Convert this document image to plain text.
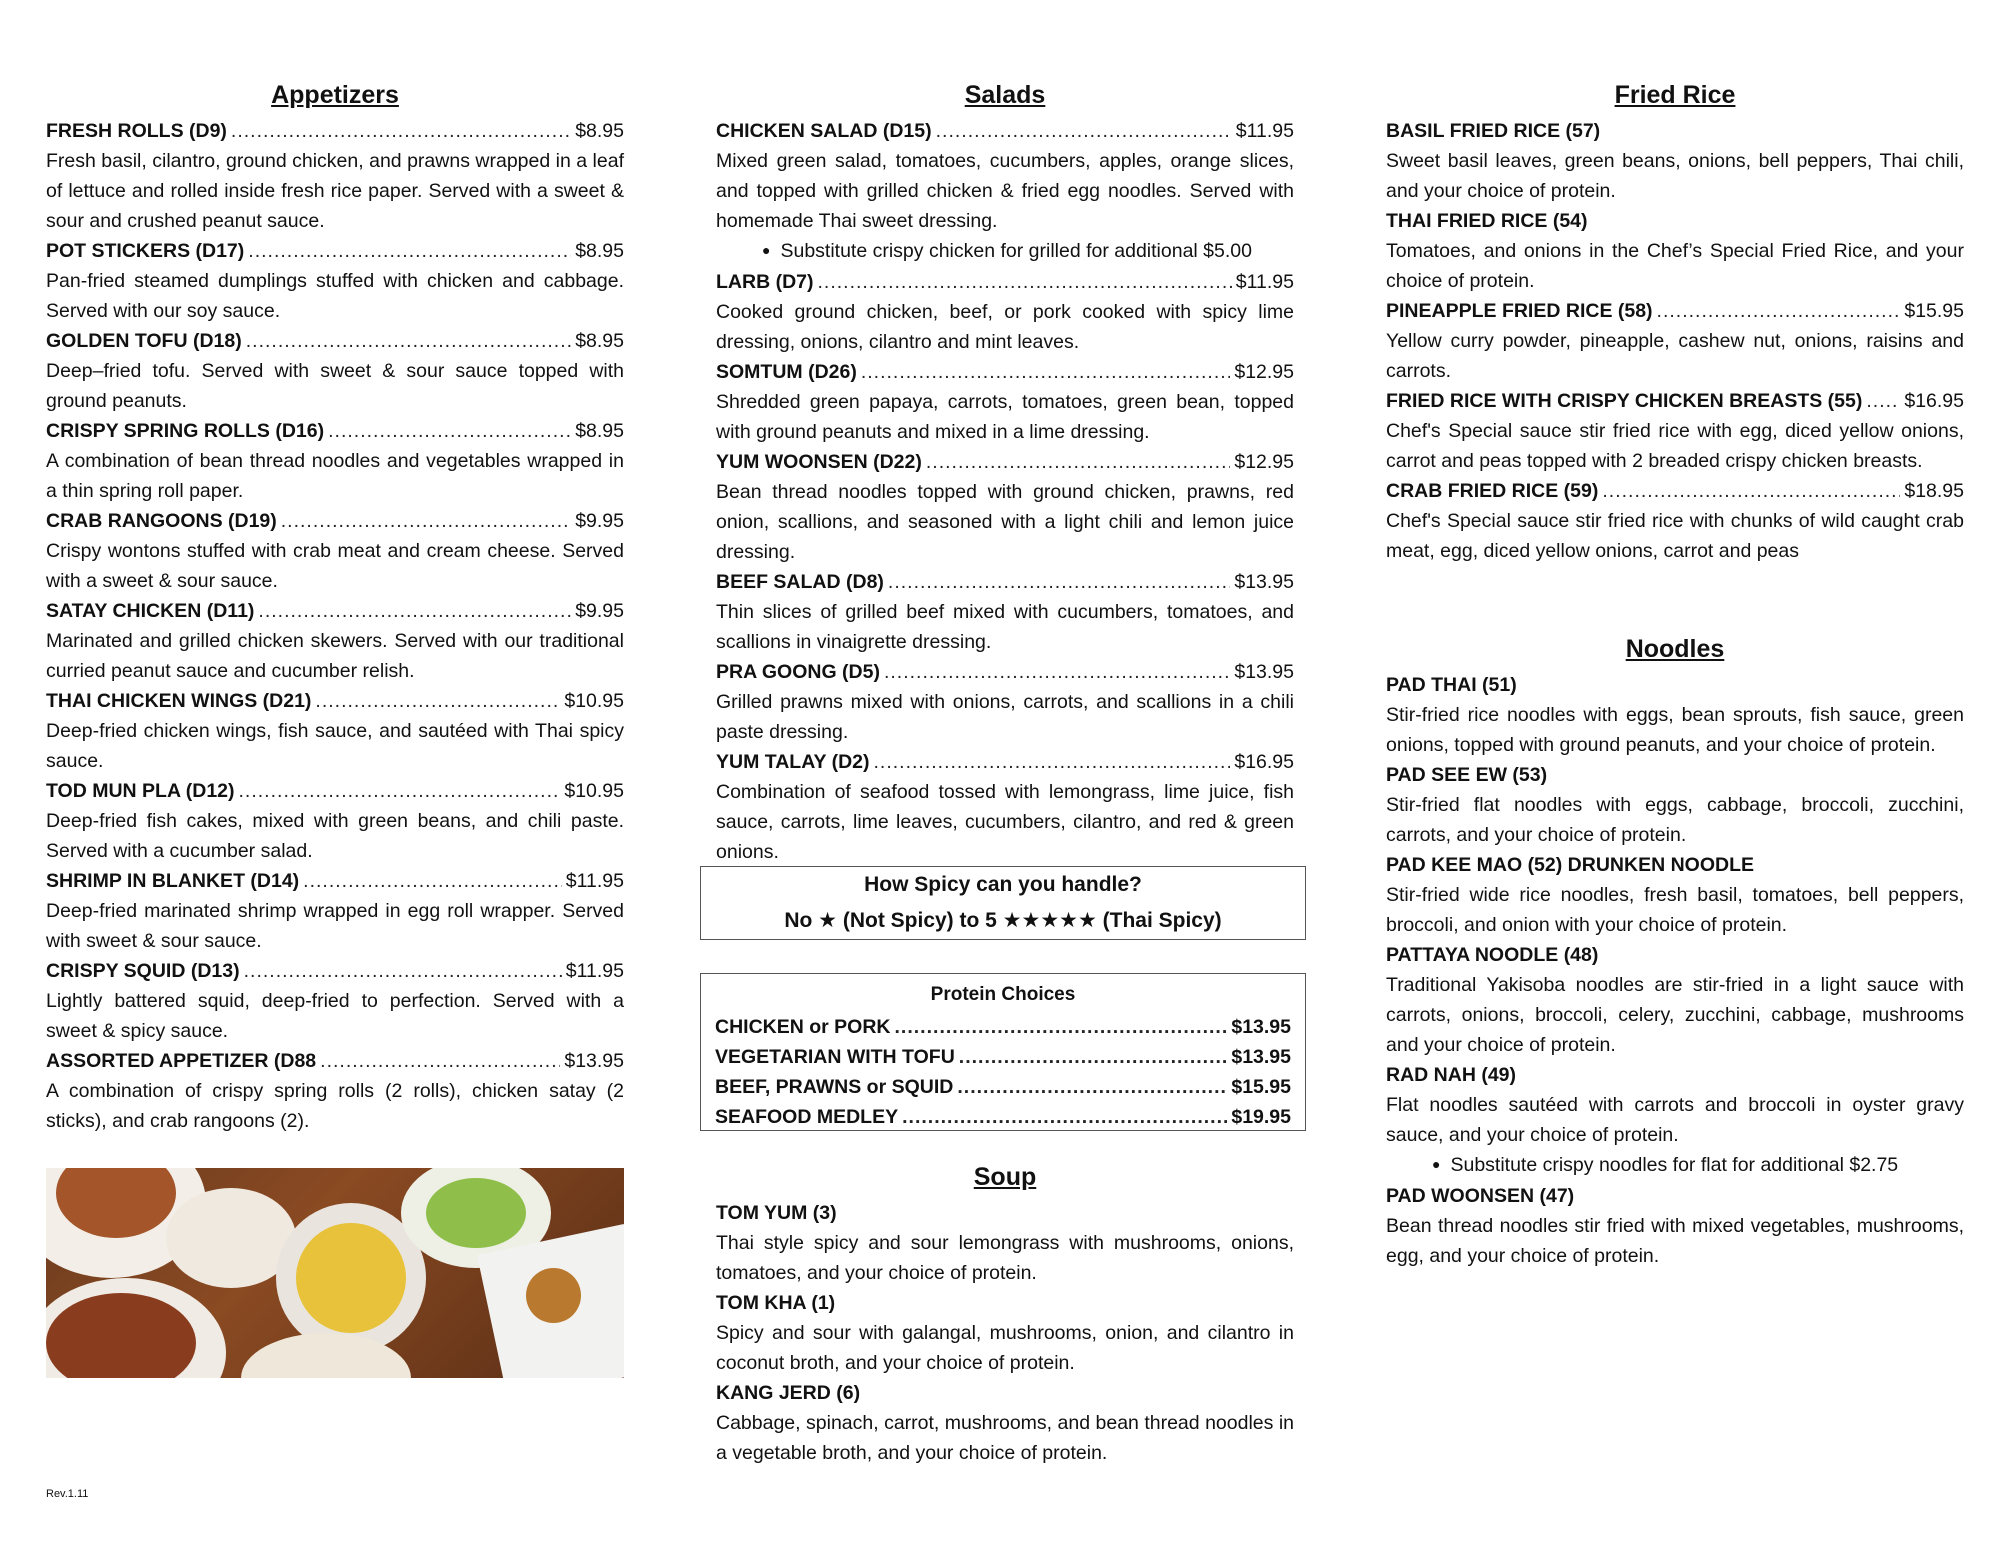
Appetizers
FRESH ROLLS (D9) .....	$8.95

Fresh basil, cilantro, ground chicken, and prawns wrapped in a leaf of lettuce and rolled inside fresh rice paper. Served with a sweet & sour and crushed peanut sauce.

POT STICKERS (D17) .....	$8.95

Pan-fried steamed dumplings stuffed with chicken and cabbage. Served with our soy sauce.

GOLDEN TOFU (D18) .....	$8.95

Deep–fried tofu. Served with sweet & sour sauce topped with ground peanuts.

CRISPY SPRING ROLLS (D16) .....	$8.95

A combination of bean thread noodles and vegetables wrapped in a thin spring roll paper.

CRAB RANGOONS (D19) .....	$9.95

Crispy wontons stuffed with crab meat and cream cheese. Served with a sweet & sour sauce.

SATAY CHICKEN (D11) .....	$9.95

Marinated and grilled chicken skewers. Served with our traditional curried peanut sauce and cucumber relish.

THAI CHICKEN WINGS (D21) .....	$10.95

Deep-fried chicken wings, fish sauce, and sautéed with Thai spicy sauce.

TOD MUN PLA (D12) .....	$10.95

Deep-fried fish cakes, mixed with green beans, and chili paste. Served with a cucumber salad.

SHRIMP IN BLANKET (D14) .....	$11.95

Deep-fried marinated shrimp wrapped in egg roll wrapper. Served with sweet & sour sauce.

CRISPY SQUID (D13) .....	$11.95

Lightly battered squid, deep-fried to perfection. Served with a sweet & spicy sauce.

ASSORTED APPETIZER (D88 .....	$13.95

A combination of crispy spring rolls (2 rolls), chicken satay (2 sticks), and crab rangoons (2).

Salads
CHICKEN SALAD (D15) .....	$11.95

Mixed green salad, tomatoes, cucumbers, apples, orange slices, and topped with grilled chicken & fried egg noodles. Served with homemade Thai sweet dressing.

● Substitute crispy chicken for grilled for additional $5.00

LARB (D7) .....	$11.95

Cooked ground chicken, beef, or pork cooked with spicy lime dressing, onions, cilantro and mint leaves.

SOMTUM (D26) .....	$12.95

Shredded green papaya, carrots, tomatoes, green bean, topped with ground peanuts and mixed in a lime dressing.

YUM WOONSEN (D22) .....	$12.95

Bean thread noodles topped with ground chicken, prawns, red onion, scallions, and seasoned with a light chili and lemon juice dressing.

BEEF SALAD (D8) .....	$13.95

Thin slices of grilled beef mixed with cucumbers, tomatoes, and scallions in vinaigrette dressing.

PRA GOONG (D5) .....	$13.95

Grilled prawns mixed with onions, carrots, and scallions in a chili paste dressing.

YUM TALAY (D2) .....	$16.95

Combination of seafood tossed with lemongrass, lime juice, fish sauce, carrots, lime leaves, cucumbers, cilantro, and red & green onions.

How Spicy can you handle?
No ★ (Not Spicy) to 5 ★★★★★ (Thai Spicy)
Protein Choices
CHICKEN or PORK .....	$13.95
VEGETARIAN WITH TOFU .....	$13.95
BEEF, PRAWNS or SQUID .....	$15.95
SEAFOOD MEDLEY .....	$19.95
Soup
TOM YUM (3)

Thai style spicy and sour lemongrass with mushrooms, onions, tomatoes, and your choice of protein.

TOM KHA (1)

Spicy and sour with galangal, mushrooms, onion, and cilantro in coconut broth, and your choice of protein.

KANG JERD (6)

Cabbage, spinach, carrot, mushrooms, and bean thread noodles in a vegetable broth, and your choice of protein.

Fried Rice
BASIL FRIED RICE (57)

Sweet basil leaves, green beans, onions, bell peppers, Thai chili, and your choice of protein.

THAI FRIED RICE (54)

Tomatoes, and onions in the Chef’s Special Fried Rice, and your choice of protein.

PINEAPPLE FRIED RICE (58) .....	$15.95

Yellow curry powder, pineapple, cashew nut, onions, raisins and carrots.

FRIED RICE WITH CRISPY CHICKEN BREASTS (55) ..... $16.95

Chef's Special sauce stir fried rice with egg, diced yellow onions, carrot and peas topped with 2 breaded crispy chicken breasts.

CRAB FRIED RICE (59) .....	$18.95

Chef's Special sauce stir fried rice with chunks of wild caught crab meat, egg, diced yellow onions, carrot and peas

Noodles
PAD THAI (51)

Stir-fried rice noodles with eggs, bean sprouts, fish sauce, green onions, topped with ground peanuts, and your choice of protein.

PAD SEE EW (53)

Stir-fried flat noodles with eggs, cabbage, broccoli, zucchini, carrots, and your choice of protein.

PAD KEE MAO (52) DRUNKEN NOODLE

Stir-fried wide rice noodles, fresh basil, tomatoes, bell peppers, broccoli, and onion with your choice of protein.

PATTAYA NOODLE (48)

Traditional Yakisoba noodles are stir-fried in a light sauce with carrots, onions, broccoli, celery, zucchini, cabbage, mushrooms and your choice of protein.

RAD NAH (49)

Flat noodles sautéed with carrots and broccoli in oyster gravy sauce, and your choice of protein.

● Substitute crispy noodles for flat for additional $2.75

PAD WOONSEN (47)

Bean thread noodles stir fried with mixed vegetables, mushrooms, egg, and your choice of protein.

Rev.1.11
